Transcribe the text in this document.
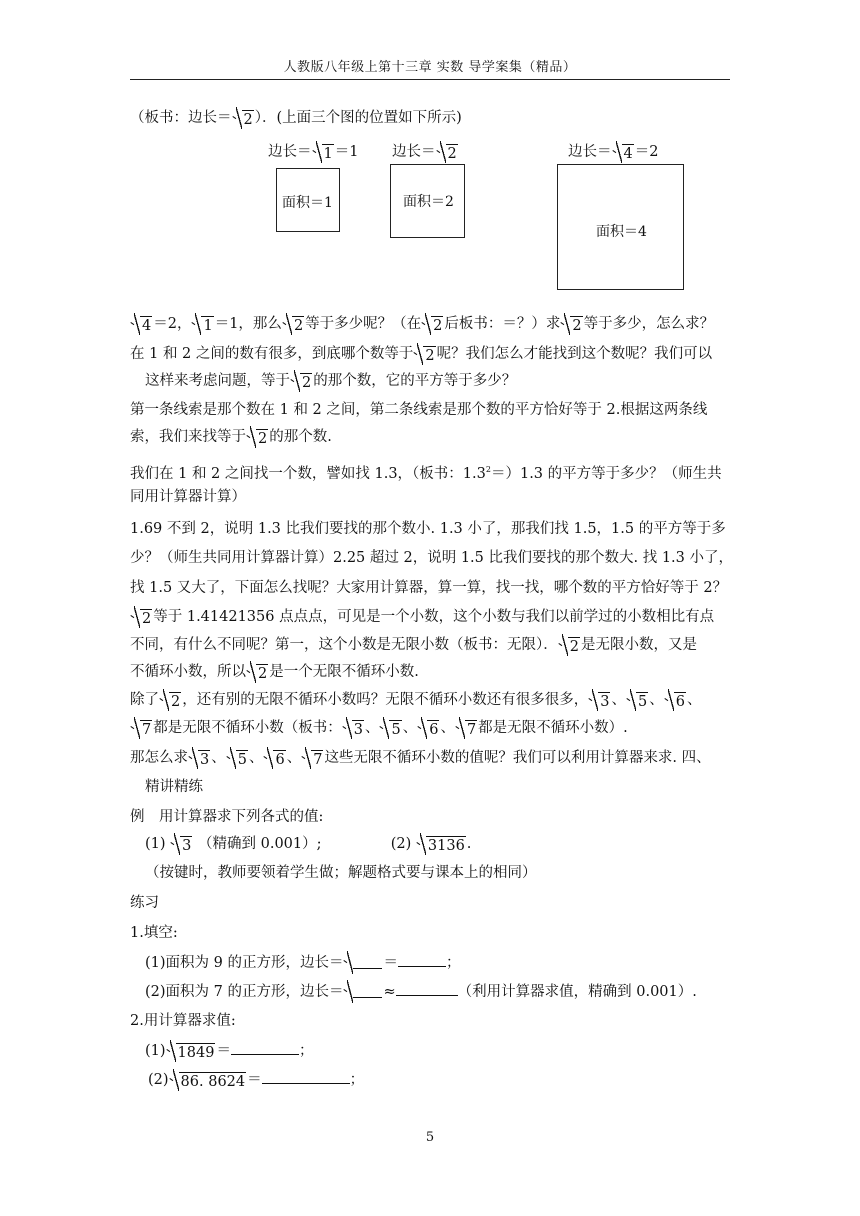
人教版八年级上第十三章 实数 导学案集（精品）
（板书：边长＝ 2 ）．(上面三个图的位置如下所示)
边长＝ 1 ＝1
面积＝1
边长＝ 2
面积＝2
边长＝ 4 ＝2
面积＝4
4 ＝2， 1 ＝1，那么 2 等于多少呢？（在 2 后板书：＝？）求 2 等于多少，怎么求？
在 1 和 2 之间的数有很多，到底哪个数等于 2 呢？我们怎么才能找到这个数呢？我们可以
这样来考虑问题，等于 2 的那个数，它的平方等于多少？
第一条线索是那个数在 1 和 2 之间，第二条线索是那个数的平方恰好等于 2.根据这两条线
索，我们来找等于 2 的那个数.
我们在 1 和 2 之间找一个数，譬如找 1.3，（板书：$1.3^2=)1.3$ 的平方等于多少？（师生共
同用计算器计算）
1.69 不到 2，说明 1.3 比我们要找的那个数小. 1.3 小了，那我们找 1.5，1.5 的平方等于多
少？（师生共同用计算器计算）2.25 超过 2，说明 1.5 比我们要找的那个数大. 找 1.3 小了，
找 1.5 又大了，下面怎么找呢？大家用计算器，算一算，找一找，哪个数的平方恰好等于 2？
2 等于 1.41421356 点点点，可见是一个小数，这个小数与我们以前学过的小数相比有点
不同，有什么不同呢？第一，这个小数是无限小数（板书：无限）． 2 是无限小数，又是
不循环小数，所以 2 是一个无限不循环小数.
除了 2 ，还有别的无限不循环小数吗？无限不循环小数还有很多很多， 3 、 5 、 6 、
7 都是无限不循环小数（板书： 3 、 5 、 6 、 7 都是无限不循环小数）.
那怎么求 3 、 5 、 6 、 7 这些无限不循环小数的值呢？我们可以利用计算器来求. 四、
精讲精练
例　用计算器求下列各式的值:
(1) 3 （精确到 0.001）;	(2) 3136 .
（按键时，教师要领着学生做；解题格式要与课本上的相同）
练习
1.填空:
(1)面积为 9 的正方形，边长＝	＝	；
(2)面积为 7 的正方形，边长＝	≈	（利用计算器求值，精确到 0.001）.
2.用计算器求值:
(1) 1849 ＝	；
(2) 86. 8624 ＝	；
5
